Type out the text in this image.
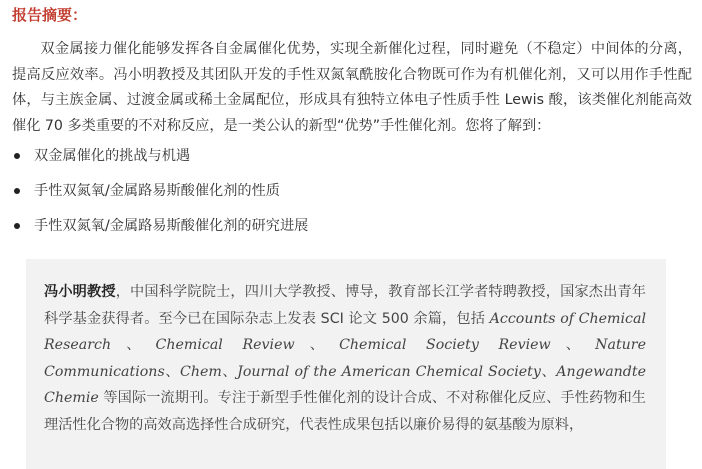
报告摘要：

双金属接力催化能够发挥各自金属催化优势，实现全新催化过程，同时避免（不稳定）中间体的分离，提高反应效率。冯小明教授及其团队开发的手性双氮氧酰胺化合物既可作为有机催化剂，又可以用作手性配体，与主族金属、过渡金属或稀土金属配位，形成具有独特立体电子性质手性 Lewis 酸，该类催化剂能高效催化 70 多类重要的不对称反应，是一类公认的新型“优势”手性催化剂。您将了解到：

双金属催化的挑战与机遇
手性双氮氧/金属路易斯酸催化剂的性质
手性双氮氧/金属路易斯酸催化剂的研究进展

冯小明教授，中国科学院院士，四川大学教授、博导，教育部长江学者特聘教授，国家杰出青年科学基金获得者。至今已在国际杂志上发表 SCI 论文 500 余篇，包括 Accounts of Chemical Research、Chemical Review、Chemical Society Review、Nature Communications、Chem、Journal of the American Chemical Society、Angewandte Chemie 等国际一流期刊。专注于新型手性催化剂的设计合成、不对称催化反应、手性药物和生理活性化合物的高效高选择性合成研究，代表性成果包括以廉价易得的氨基酸为原料，
